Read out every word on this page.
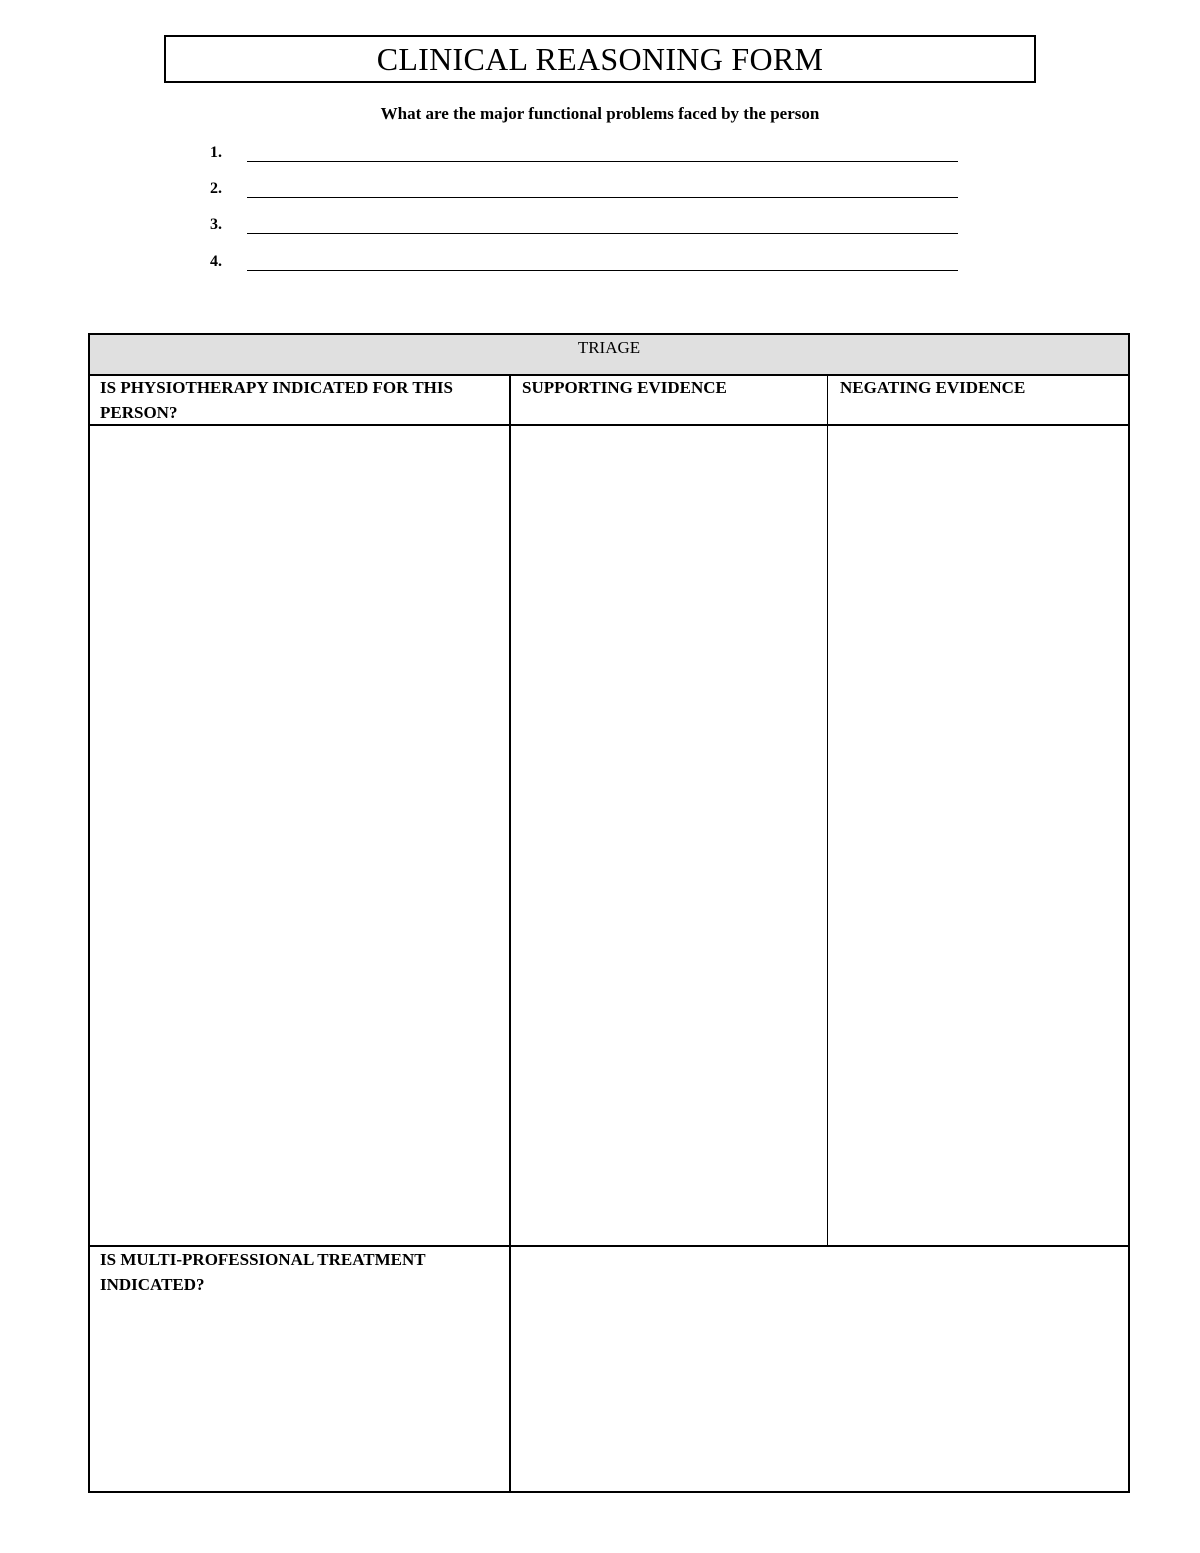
CLINICAL REASONING FORM
What are the major functional problems faced by the person
1.
2.
3.
4.
TRIAGE
IS PHYSIOTHERAPY INDICATED FOR THIS PERSON?
SUPPORTING EVIDENCE	NEGATING EVIDENCE
IS MULTI-PROFESSIONAL TREATMENT INDICATED?
